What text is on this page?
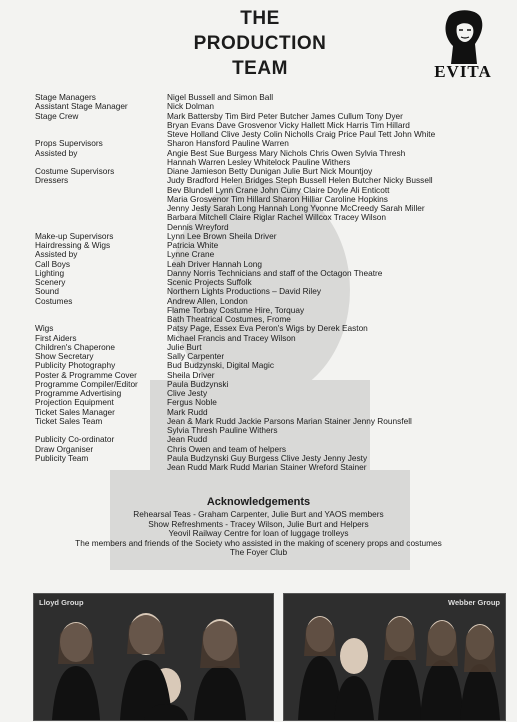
THE
PRODUCTION
TEAM	EVITA
Stage Managers	Nigel Bussell and Simon Ball
Assistant Stage Manager	Nick Dolman
Stage Crew	Mark Battersby Tim Bird Peter Butcher James Cullum Tony Dyer
Bryan Evans Dave Grosvenor Vicky Hallett Mick Harris Tim Hillard
Steve Holland Clive Jesty Colin Nicholls Craig Price Paul Tett John White
Props Supervisors	Sharon Hansford Pauline Warren
Assisted by	Angie Best Sue Burgess Mary Nichols Chris Owen Sylvia Thresh
Hannah Warren Lesley Whitelock Pauline Withers
Costume Supervisors	Diane Jamieson Betty Dunigan Julie Burt Nick Mountjoy
Dressers	Judy Bradford Helen Bridges Steph Bussell Helen Butcher Nicky Bussell
Bev Blundell Lynn Crane John Curry Claire Doyle Ali Enticott
Maria Grosvenor Tim Hillard Sharon Hilliar Caroline Hopkins
Jenny Jesty Sarah Long Hannah Long Yvonne McCreedy Sarah Miller
Barbara Mitchell Claire Riglar Rachel Willcox Tracey Wilson
Dennis Wreyford
Make-up Supervisors	Lynn Lee Brown Sheila Driver
Hairdressing & Wigs	Patricia White
Assisted by	Lynne Crane
Call Boys	Leah Driver Hannah Long
Lighting	Danny Norris Technicians and staff of the Octagon Theatre
Scenery	Scenic Projects Suffolk
Sound	Northern Lights Productions – David Riley
Costumes	Andrew Allen, London
Flame Torbay Costume Hire, Torquay
Bath Theatrical Costumes, Frome
Wigs	Patsy Page, Essex Eva Peron's Wigs by Derek Easton
First Aiders	Michael Francis and Tracey Wilson
Children's Chaperone	Julie Burt
Show Secretary	Sally Carpenter
Publicity Photography	Bud Budzynski, Digital Magic
Poster & Programme Cover	Sheila Driver
Programme Compiler/Editor	Paula Budzynski
Programme Advertising	Clive Jesty
Projection Equipment	Fergus Noble
Ticket Sales Manager	Mark Rudd
Ticket Sales Team	Jean & Mark Rudd Jackie Parsons Marian Stainer Jenny Rounsfell
Sylvia Thresh Pauline Withers
Publicity Co-ordinator	Jean Rudd
Draw Organiser	Chris Owen and team of helpers
Publicity Team	Paula Budzynski Guy Burgess Clive Jesty Jenny Jesty
Jean Rudd Mark Rudd Marian Stainer Wreford Stainer
Acknowledgements
Rehearsal Teas - Graham Carpenter, Julie Burt and YAOS members
Show Refreshments - Tracey Wilson, Julie Burt and Helpers
Yeovil Railway Centre for loan of luggage trolleys
The members and friends of the Society who assisted in the making of scenery props and costumes
The Foyer Club
Lloyd Group	Webber Group
